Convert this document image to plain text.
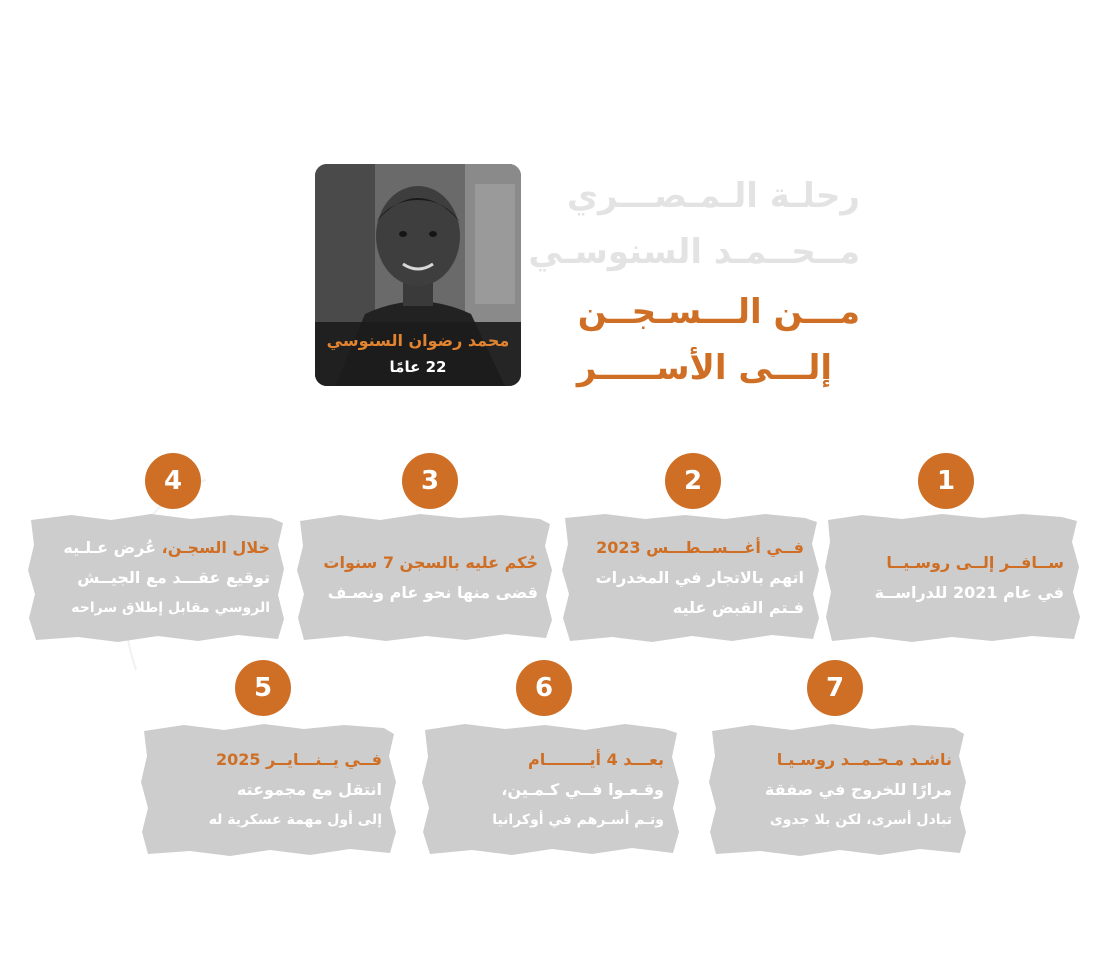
رحلـة الـمـصـــري
مــحــمـد السنوسـي
مـــن الـــسـجــن
إلـــى الأســـــر
محمد رضوان السنوسي
22 عامًا
1
ســافــر إلــى روسـيــا
في عام 2021 للدراســة
2
فــي أغـــســطـــس 2023
اتهم بالاتجار في المخدرات
فـتم القبض عليه
3
حُكم عليه بالسجن 7 سنوات
قضى منها نحو عام ونصـف
4
خلال السجـن، عُرض عـلـيه
توقيع عقـــد مع الجيــش
الروسي مقابل إطلاق سراحه
5
فــي يــنـــايــر 2025
انتقل مع مجموعته
إلى أول مهمة عسكرية له
6
بعـــد 4 أيــــــــام
وقـعـوا فــي كـمـين،
وتـم أسـرهم في أوكرانيا
7
ناشـد مـحـمــد روسـيـا
مرارًا للخروج في صفقة
تبادل أسرى، لكن بلا جدوى
